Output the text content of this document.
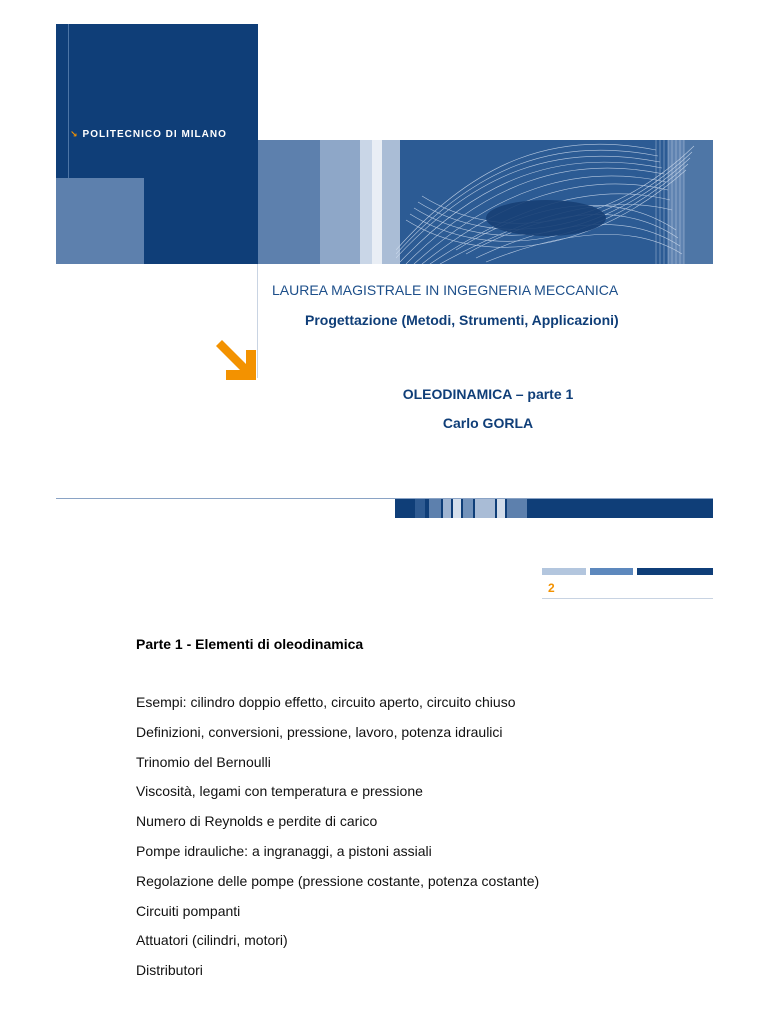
↘ POLITECNICO DI MILANO
LAUREA MAGISTRALE IN INGEGNERIA MECCANICA
Progettazione (Metodi, Strumenti, Applicazioni)
OLEODINAMICA – parte 1
Carlo GORLA
2
Parte 1 - Elementi di oleodinamica
Esempi: cilindro doppio effetto, circuito aperto, circuito chiuso
Definizioni, conversioni, pressione, lavoro, potenza idraulici
Trinomio del Bernoulli
Viscosità, legami con temperatura e pressione
Numero di Reynolds e perdite di carico
Pompe idrauliche: a ingranaggi, a pistoni assiali
Regolazione delle pompe (pressione costante, potenza costante)
Circuiti pompanti
Attuatori (cilindri, motori)
Distributori
